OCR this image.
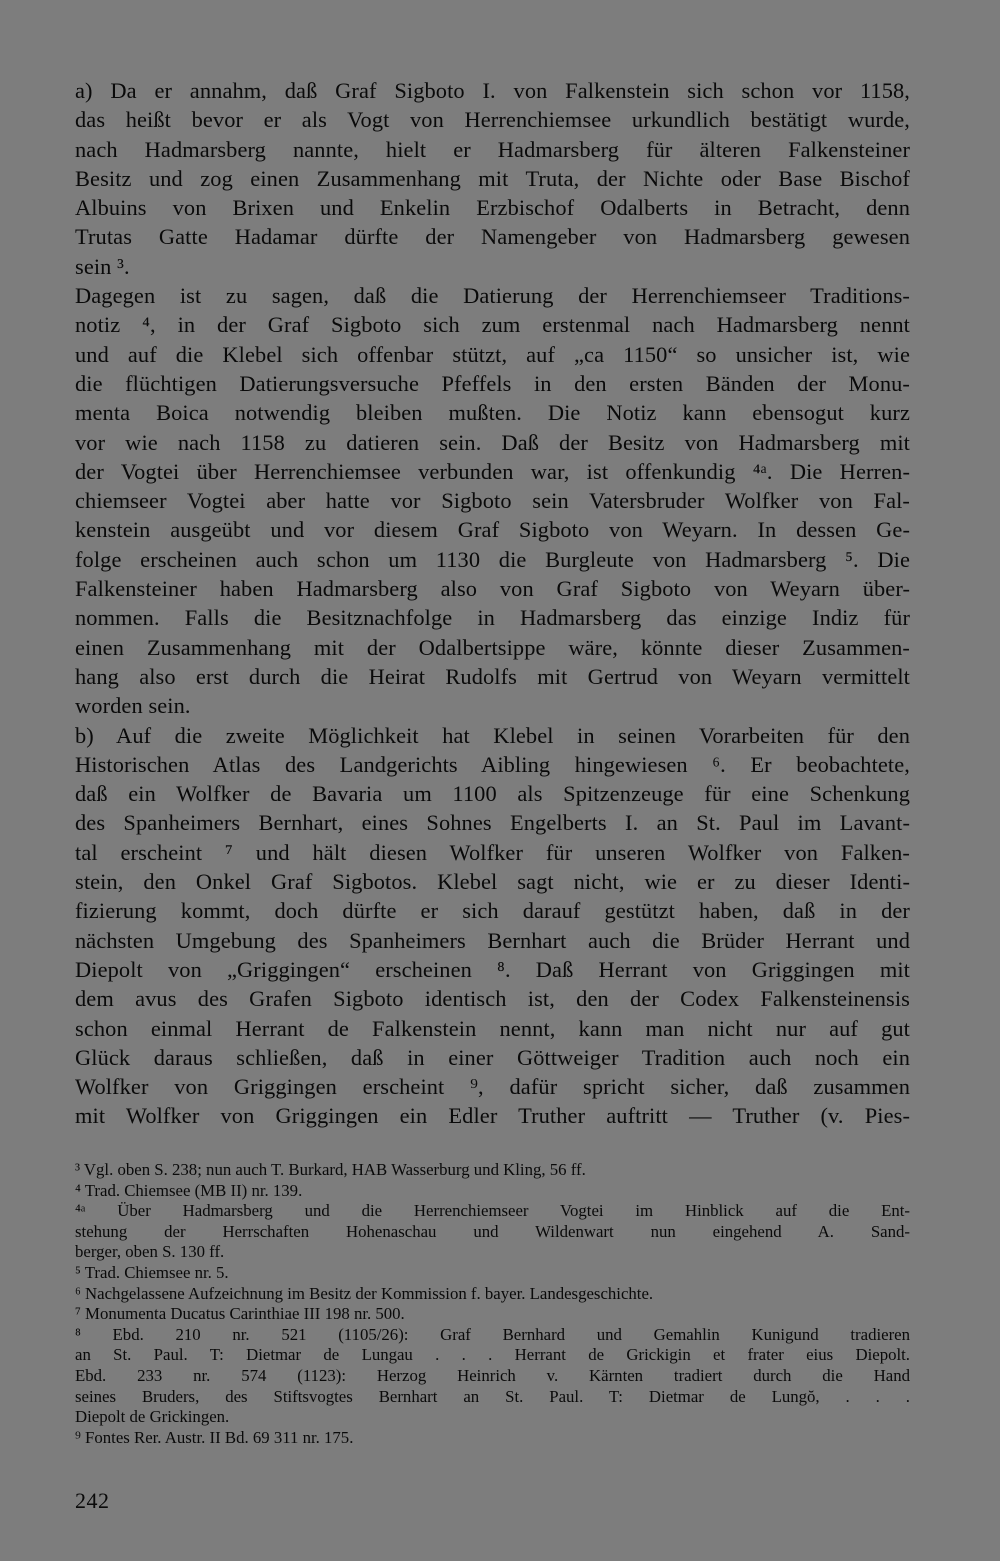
a) Da er annahm, daß Graf Sigboto I. von Falkenstein sich schon vor 1158,
das heißt bevor er als Vogt von Herrenchiemsee urkundlich bestätigt wurde,
nach Hadmarsberg nannte, hielt er Hadmarsberg für älteren Falkensteiner
Besitz und zog einen Zusammenhang mit Truta, der Nichte oder Base Bischof
Albuins von Brixen und Enkelin Erzbischof Odalberts in Betracht, denn
Trutas Gatte Hadamar dürfte der Namengeber von Hadmarsberg gewesen
sein ³.
Dagegen ist zu sagen, daß die Datierung der Herrenchiemseer Traditions-
notiz ⁴, in der Graf Sigboto sich zum erstenmal nach Hadmarsberg nennt
und auf die Klebel sich offenbar stützt, auf „ca 1150“ so unsicher ist, wie
die flüchtigen Datierungsversuche Pfeffels in den ersten Bänden der Monu-
menta Boica notwendig bleiben mußten. Die Notiz kann ebensogut kurz
vor wie nach 1158 zu datieren sein. Daß der Besitz von Hadmarsberg mit
der Vogtei über Herrenchiemsee verbunden war, ist offenkundig ⁴ᵃ. Die Herren-
chiemseer Vogtei aber hatte vor Sigboto sein Vatersbruder Wolfker von Fal-
kenstein ausgeübt und vor diesem Graf Sigboto von Weyarn. In dessen Ge-
folge erscheinen auch schon um 1130 die Burgleute von Hadmarsberg ⁵. Die
Falkensteiner haben Hadmarsberg also von Graf Sigboto von Weyarn über-
nommen. Falls die Besitznachfolge in Hadmarsberg das einzige Indiz für
einen Zusammenhang mit der Odalbertsippe wäre, könnte dieser Zusammen-
hang also erst durch die Heirat Rudolfs mit Gertrud von Weyarn vermittelt
worden sein.
b) Auf die zweite Möglichkeit hat Klebel in seinen Vorarbeiten für den
Historischen Atlas des Landgerichts Aibling hingewiesen ⁶. Er beobachtete,
daß ein Wolfker de Bavaria um 1100 als Spitzenzeuge für eine Schenkung
des Spanheimers Bernhart, eines Sohnes Engelberts I. an St. Paul im Lavant-
tal erscheint ⁷ und hält diesen Wolfker für unseren Wolfker von Falken-
stein, den Onkel Graf Sigbotos. Klebel sagt nicht, wie er zu dieser Identi-
fizierung kommt, doch dürfte er sich darauf gestützt haben, daß in der
nächsten Umgebung des Spanheimers Bernhart auch die Brüder Herrant und
Diepolt von „Griggingen“ erscheinen ⁸. Daß Herrant von Griggingen mit
dem avus des Grafen Sigboto identisch ist, den der Codex Falkensteinensis
schon einmal Herrant de Falkenstein nennt, kann man nicht nur auf gut
Glück daraus schließen, daß in einer Göttweiger Tradition auch noch ein
Wolfker von Griggingen erscheint ⁹, dafür spricht sicher, daß zusammen
mit Wolfker von Griggingen ein Edler Truther auftritt — Truther (v. Pies-
³ Vgl. oben S. 238; nun auch T. Burkard, HAB Wasserburg und Kling, 56 ff.
⁴ Trad. Chiemsee (MB II) nr. 139.
⁴ᵃ Über Hadmarsberg und die Herrenchiemseer Vogtei im Hinblick auf die Ent-
stehung der Herrschaften Hohenaschau und Wildenwart nun eingehend A. Sand-
berger, oben S. 130 ff.
⁵ Trad. Chiemsee nr. 5.
⁶ Nachgelassene Aufzeichnung im Besitz der Kommission f. bayer. Landesgeschichte.
⁷ Monumenta Ducatus Carinthiae III 198 nr. 500.
⁸ Ebd. 210 nr. 521 (1105/26): Graf Bernhard und Gemahlin Kunigund tradieren
an St. Paul. T: Dietmar de Lungau . . . Herrant de Grickigin et frater eius Diepolt.
Ebd. 233 nr. 574 (1123): Herzog Heinrich v. Kärnten tradiert durch die Hand
seines Bruders, des Stiftsvogtes Bernhart an St. Paul. T: Dietmar de Lungŏ, . . .
Diepolt de Grickingen.
⁹ Fontes Rer. Austr. II Bd. 69 311 nr. 175.
242
